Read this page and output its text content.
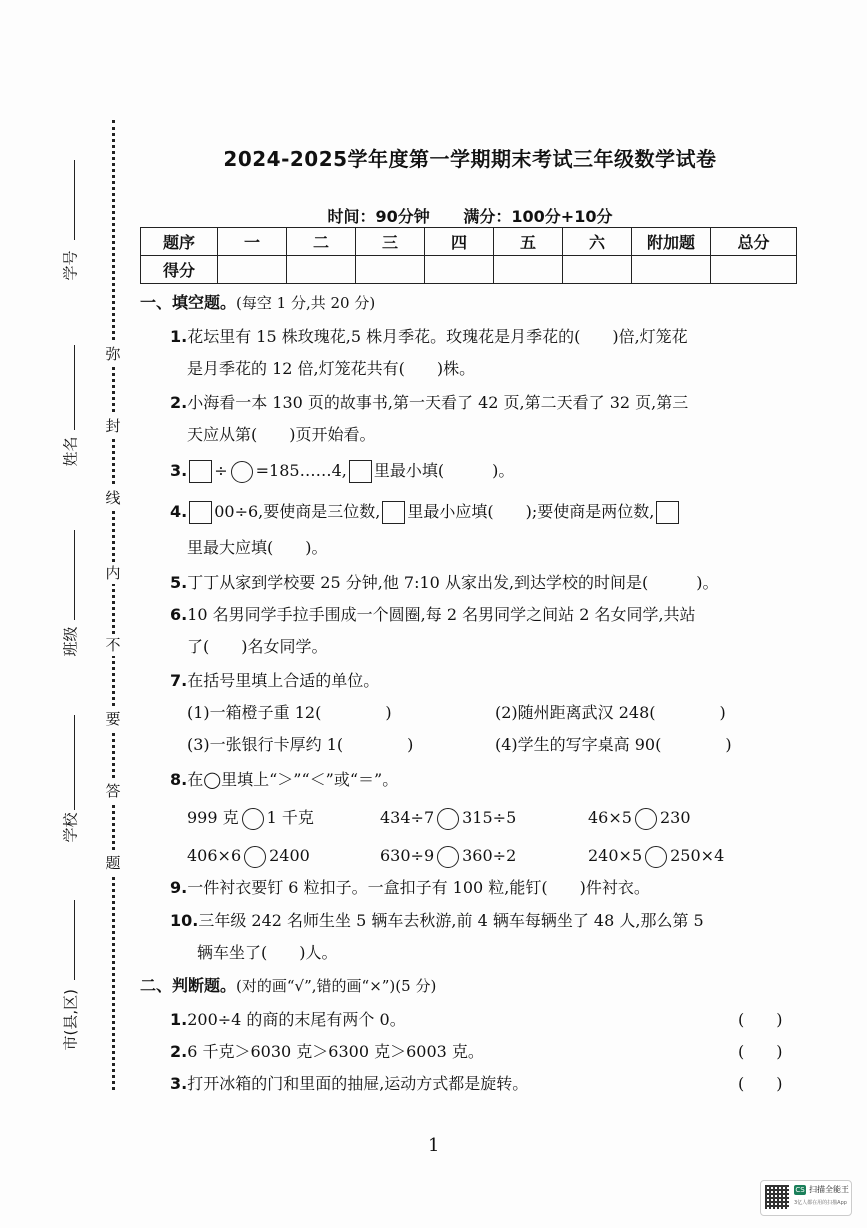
学号
姓名
班级
学校
市(县,区)
弥
封
线
内
不
要
答
题
2024-2025学年度第一学期期末考试三年级数学试卷
时间：90分钟 满分：100分+10分
题序	一	二	三	四	五	六	附加题	总分
得分								
一、填空题。(每空 1 分,共 20 分)
1.花坛里有 15 株玫瑰花,5 株月季花。玫瑰花是月季花的(　　)倍,灯笼花
是月季花的 12 倍,灯笼花共有(　　)株。
2.小海看一本 130 页的故事书,第一天看了 42 页,第二天看了 32 页,第三
天应从第(　　)页开始看。
3. ÷ =185……4, 里最小填(　　　)。
4. 00÷6,要使商是三位数, 里最小应填(　　);要使商是两位数,
里最大应填(　　)。
5.丁丁从家到学校要 25 分钟,他 7:10 从家出发,到达学校的时间是(　　　)。
6.10 名男同学手拉手围成一个圆圈,每 2 名男同学之间站 2 名女同学,共站
了(　　)名女同学。
7.在括号里填上合适的单位。
(1)一箱橙子重 12(　　　　)	(2)随州距离武汉 248(　　　　)
(3)一张银行卡厚约 1(　　　　)	(4)学生的写字桌高 90(　　　　)
8.在◯里填上“＞”“＜”或“＝”。
999 克 1 千克	434÷7 315÷5	46×5 230
406×6 2400	630÷9 360÷2	240×5 250×4
9.一件衬衣要钉 6 粒扣子。一盒扣子有 100 粒,能钉(　　)件衬衣。
10.三年级 242 名师生坐 5 辆车去秋游,前 4 辆车每辆坐了 48 人,那么第 5
辆车坐了(　　)人。
二、判断题。(对的画“√”,错的画“×”)(5 分)
1.200÷4 的商的末尾有两个 0。	(　　)
2.6 千克＞6030 克＞6300 克＞6003 克。	(　　)
3.打开冰箱的门和里面的抽屉,运动方式都是旋转。	(　　)
1
CS 扫描全能王
3亿人都在用的扫描App
